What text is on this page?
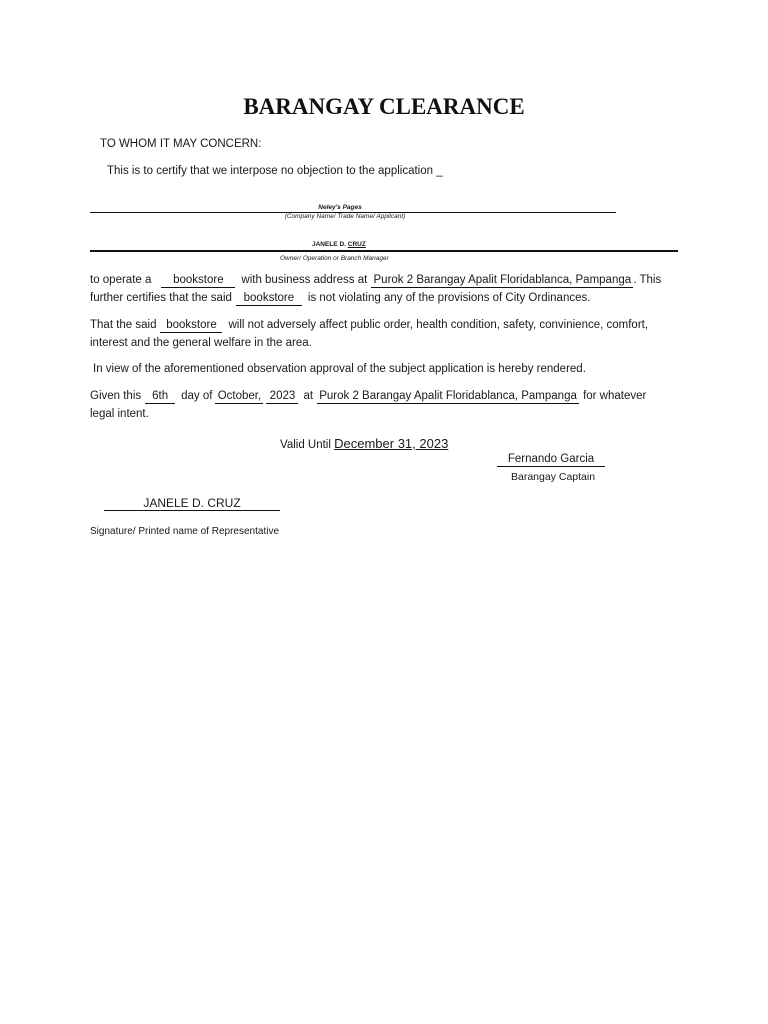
BARANGAY CLEARANCE
TO WHOM IT MAY CONCERN:
This is to certify that we interpose no objection to the application _
Neley's Pages
(Company Name/ Trade Name/ Applicant)
JANELE D. CRUZ
Owner/ Operation or Branch Manager
to operate a bookstore with business address at Purok 2 Barangay Apalit Floridablanca, Pampanga . This
further certifies that the said bookstore is not violating any of the provisions of City Ordinances.
That the said bookstore will not adversely affect public order, health condition, safety, convinience, comfort,
interest and the general welfare in the area.
In view of the aforementioned observation approval of the subject application is hereby rendered.
Given this 6th day of October, 2023 at Purok 2 Barangay Apalit Floridablanca, Pampanga for whatever
legal intent.
Valid Until December 31, 2023
Fernando Garcia
Barangay Captain
JANELE D. CRUZ
Signature/ Printed name of Representative
